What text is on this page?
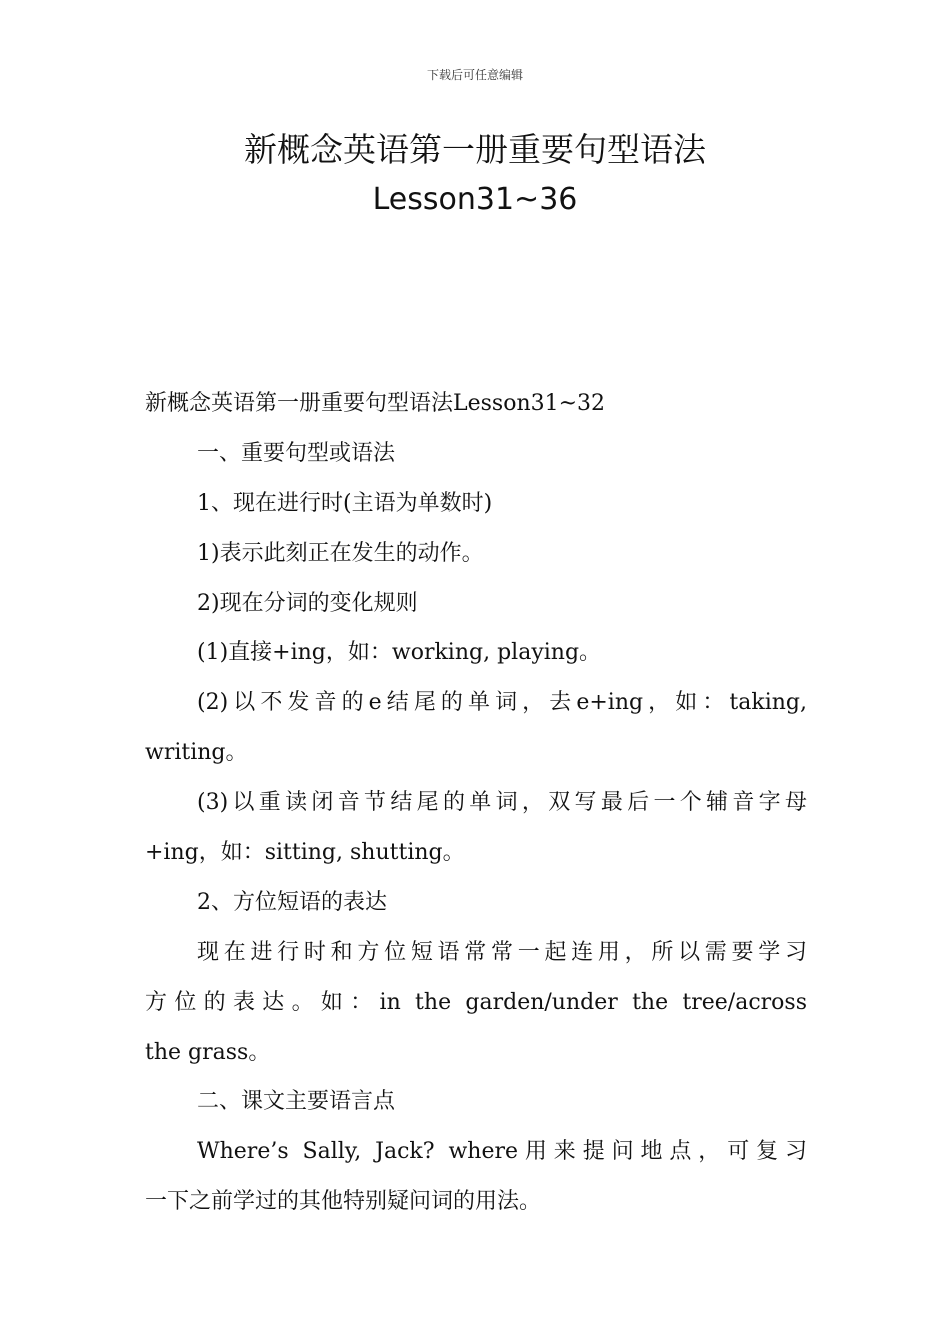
下载后可任意编辑
新概念英语第一册重要句型语法
Lesson31~36
新概念英语第一册重要句型语法Lesson31~32
一、重要句型或语法
1、现在进行时(主语为单数时)
1)表示此刻正在发生的动作。
2)现在分词的变化规则
(1)直接+ing，如：working, playing。
(2)以不发音的e结尾的单词，去e+ing，如：taking,
writing。
(3)以重读闭音节结尾的单词，双写最后一个辅音字母
+ing，如：sitting, shutting。
2、方位短语的表达
现在进行时和方位短语常常一起连用，所以需要学习
方位的表达。如：in the garden/under the tree/across
the grass。
二、课文主要语言点
Where’s Sally, Jack? where用来提问地点，可复习
一下之前学过的其他特别疑问词的用法。
